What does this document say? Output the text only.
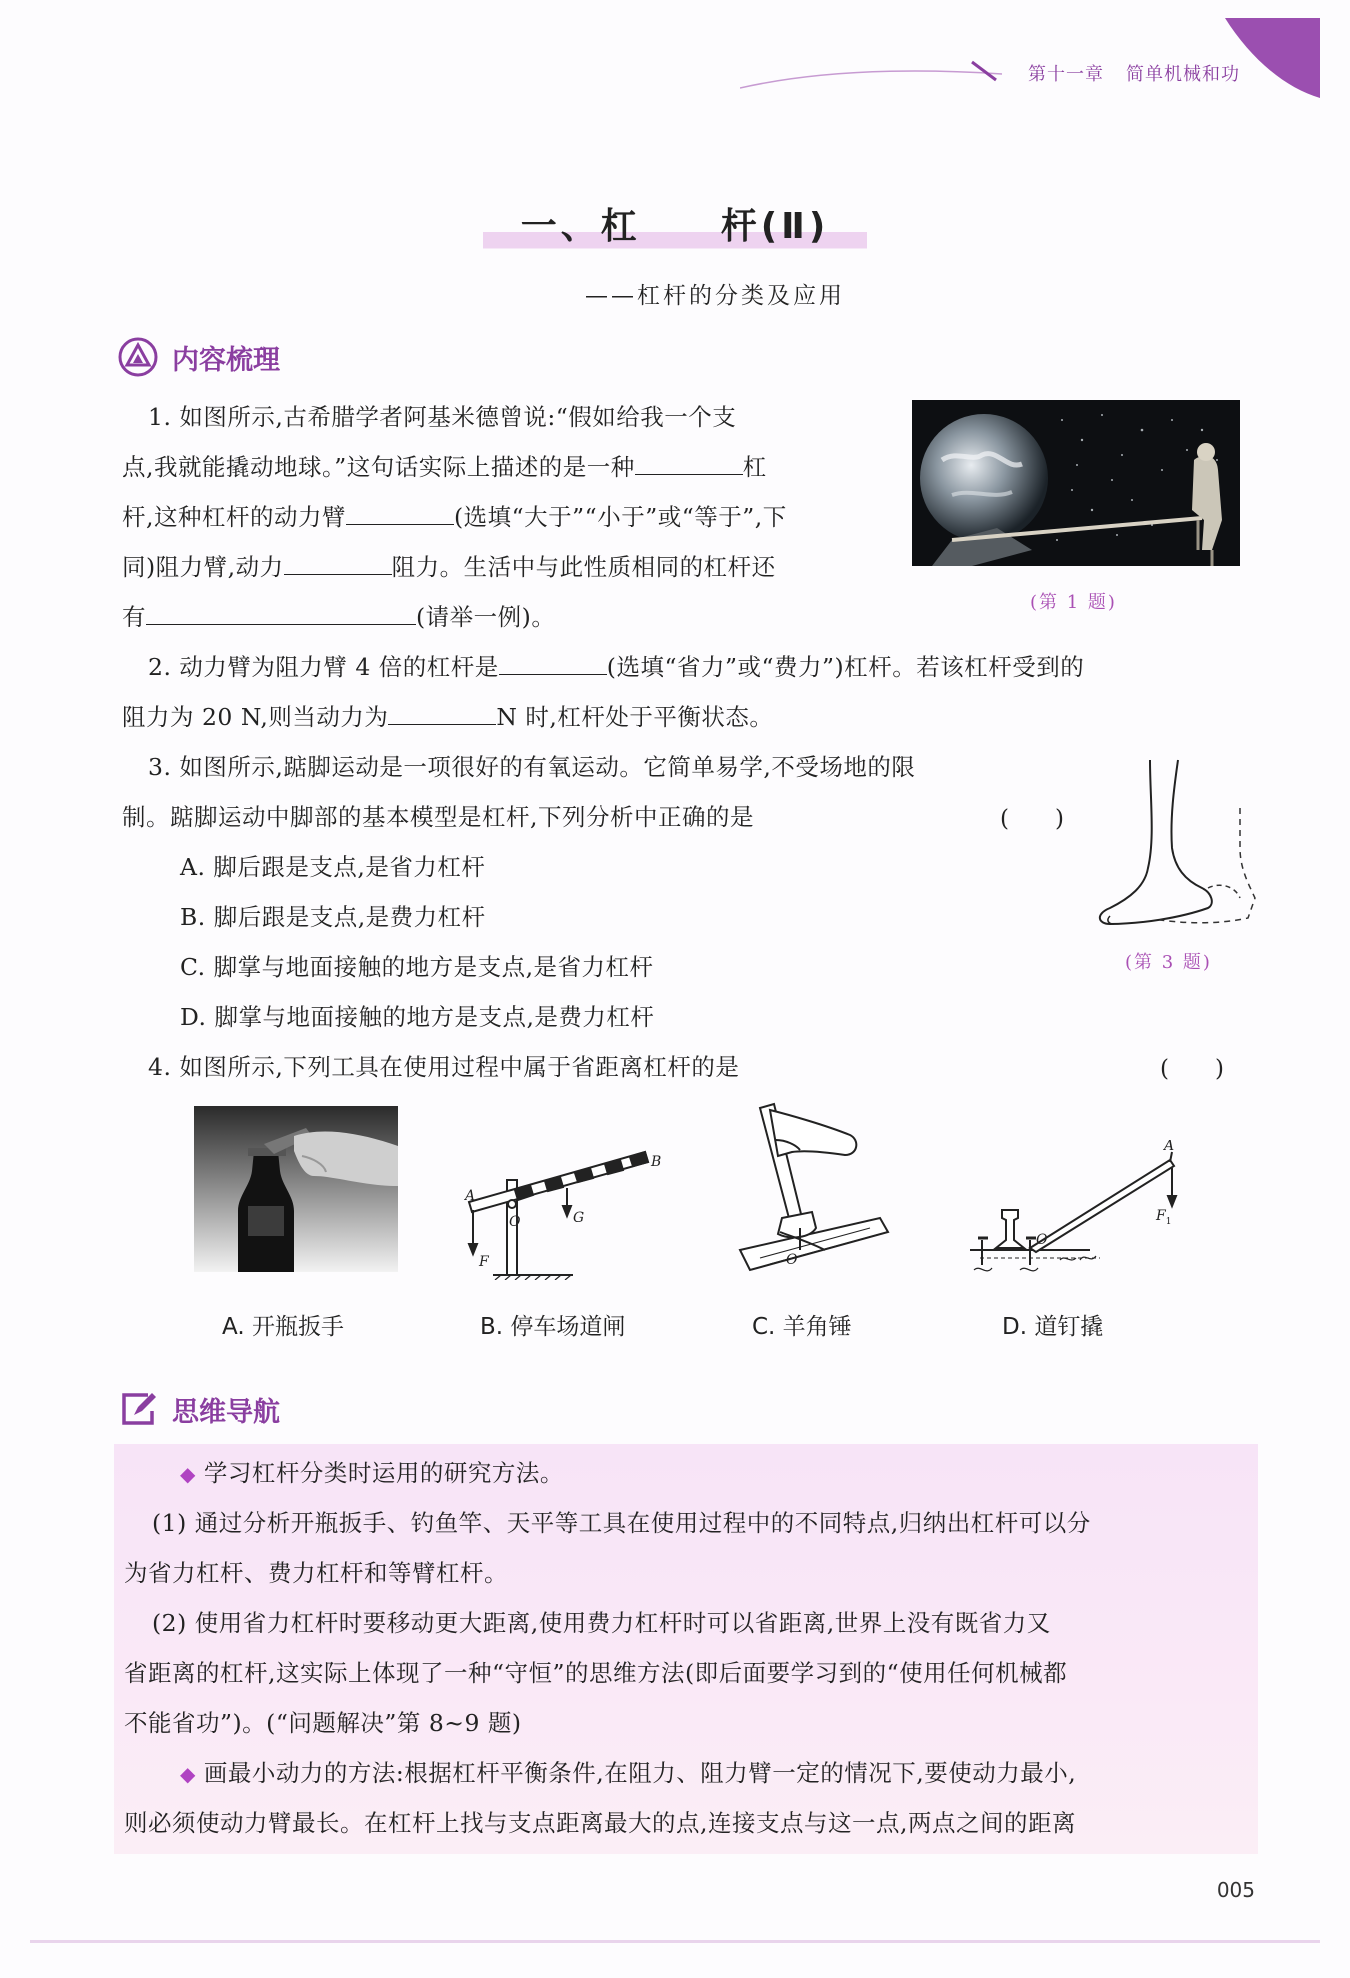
第十一章 简单机械和功
一、杠　　杆(Ⅱ)
——杠杆的分类及应用
内容梳理
(第 1 题)
1. 如图所示,古希腊学者阿基米德曾说:“假如给我一个支
点,我就能撬动地球。”这句话实际上描述的是一种	杠
杆,这种杠杆的动力臂	(选填“大于”“小于”或“等于”,下
同)阻力臂,动力	阻力。生活中与此性质相同的杠杆还
有	(请举一例)。
2. 动力臂为阻力臂 4 倍的杠杆是	(选填“省力”或“费力”)杠杆。若该杠杆受到的
阻力为 20 N,则当动力为	N 时,杠杆处于平衡状态。
3. 如图所示,踮脚运动是一项很好的有氧运动。它简单易学,不受场地的限
制。踮脚运动中脚部的基本模型是杠杆,下列分析中正确的是	(　　)
A. 脚后跟是支点,是省力杠杆
B. 脚后跟是支点,是费力杠杆
C. 脚掌与地面接触的地方是支点,是省力杠杆
D. 脚掌与地面接触的地方是支点,是费力杠杆
(第 3 题)
4. 如图所示,下列工具在使用过程中属于省距离杠杆的是	(　　)
A
B
O	G
F	O
A
$F_1$
O
A. 开瓶扳手	B. 停车场道闸	C. 羊角锤	D. 道钉撬
思维导航
◆ 学习杠杆分类时运用的研究方法。
(1) 通过分析开瓶扳手、钓鱼竿、天平等工具在使用过程中的不同特点,归纳出杠杆可以分
为省力杠杆、费力杠杆和等臂杠杆。
(2) 使用省力杠杆时要移动更大距离,使用费力杠杆时可以省距离,世界上没有既省力又
省距离的杠杆,这实际上体现了一种“守恒”的思维方法(即后面要学习到的“使用任何机械都
不能省功”)。(“问题解决”第 8~9 题)
◆ 画最小动力的方法:根据杠杆平衡条件,在阻力、阻力臂一定的情况下,要使动力最小,
则必须使动力臂最长。在杠杆上找与支点距离最大的点,连接支点与这一点,两点之间的距离
005
